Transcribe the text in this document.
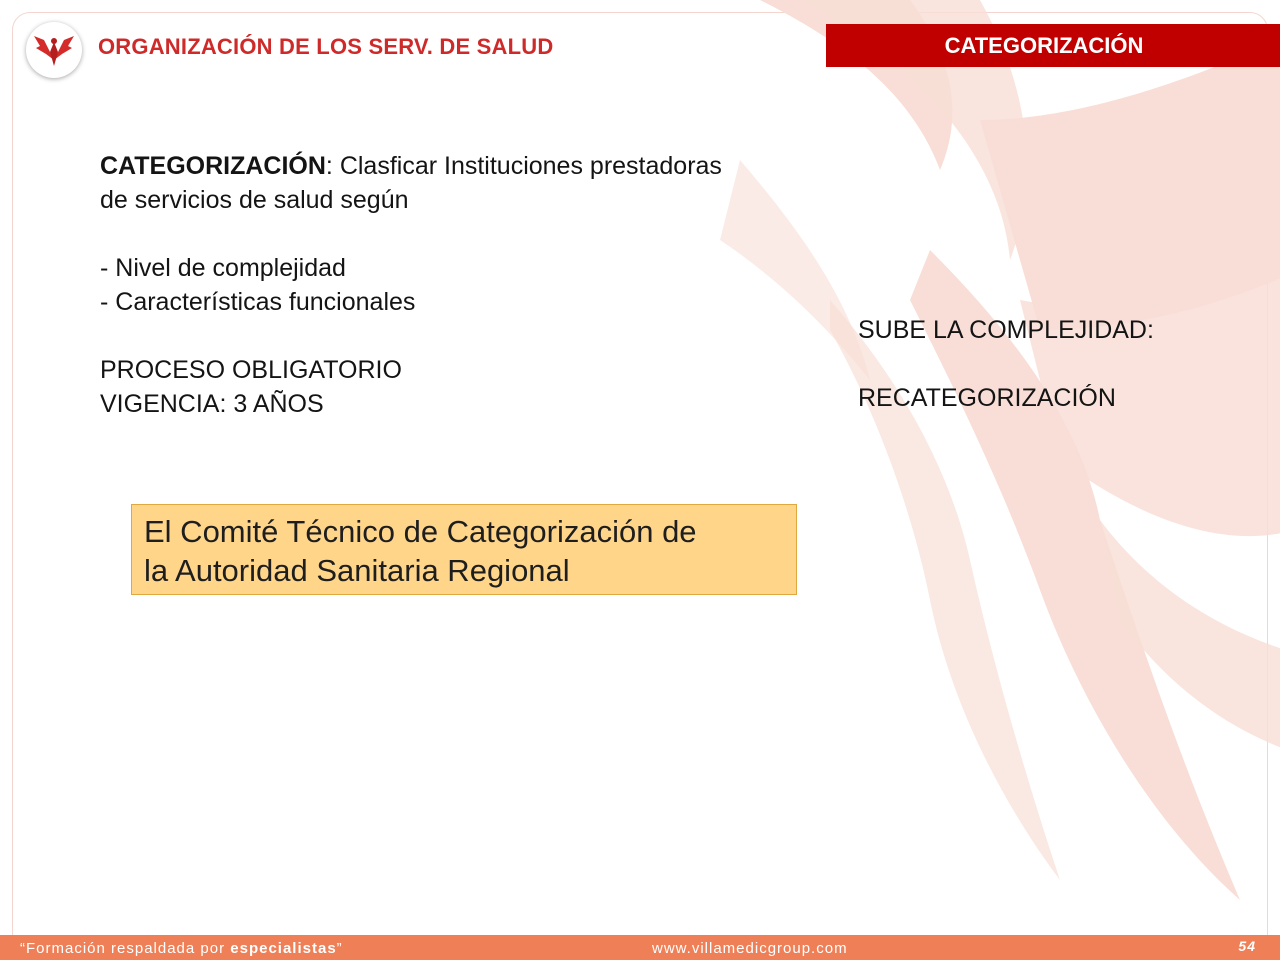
ORGANIZACIÓN DE LOS SERV. DE SALUD	CATEGORIZACIÓN
CATEGORIZACIÓN: Clasficar Instituciones prestadoras
de servicios de salud según
- Nivel de complejidad
- Características funcionales
PROCESO OBLIGATORIO
VIGENCIA: 3 AÑOS
SUBE LA COMPLEJIDAD:
RECATEGORIZACIÓN
El Comité Técnico de Categorización de
la Autoridad Sanitaria Regional
“Formación respaldada por especialistas”	www.villamedicgroup.com	54
